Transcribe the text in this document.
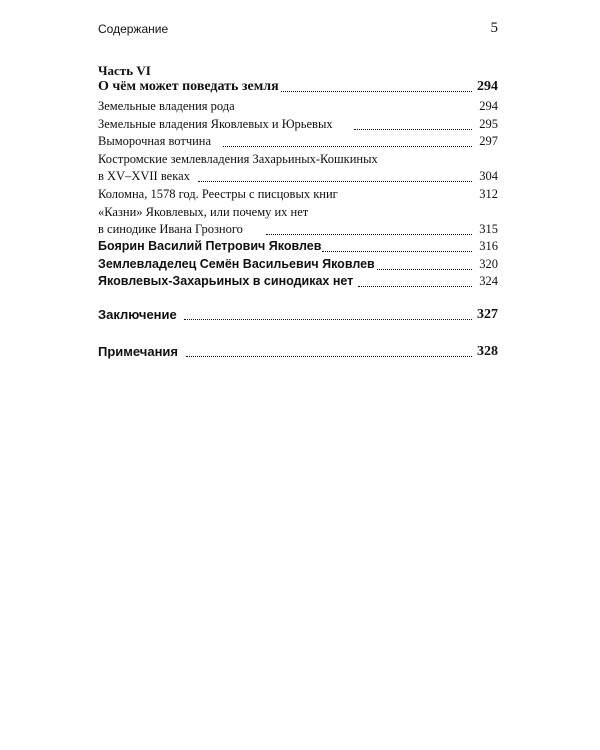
Содержание	5
Часть VI
О чём может поведать земля	294
Земельные владения рода	294
Земельные владения Яковлевых и Юрьевых	295
Выморочная вотчина	297
Костромские землевладения Захарьиных-Кошкиных
в XV–XVII веках	304
Коломна, 1578 год. Реестры с писцовых книг	312
«Казни» Яковлевых, или почему их нет
в синодике Ивана Грозного	315
Боярин Василий Петрович Яковлев	316
Землевладелец Семён Васильевич Яковлев	320
Яковлевых-Захарьиных в синодиках нет	324
Заключение	327
Примечания	328
